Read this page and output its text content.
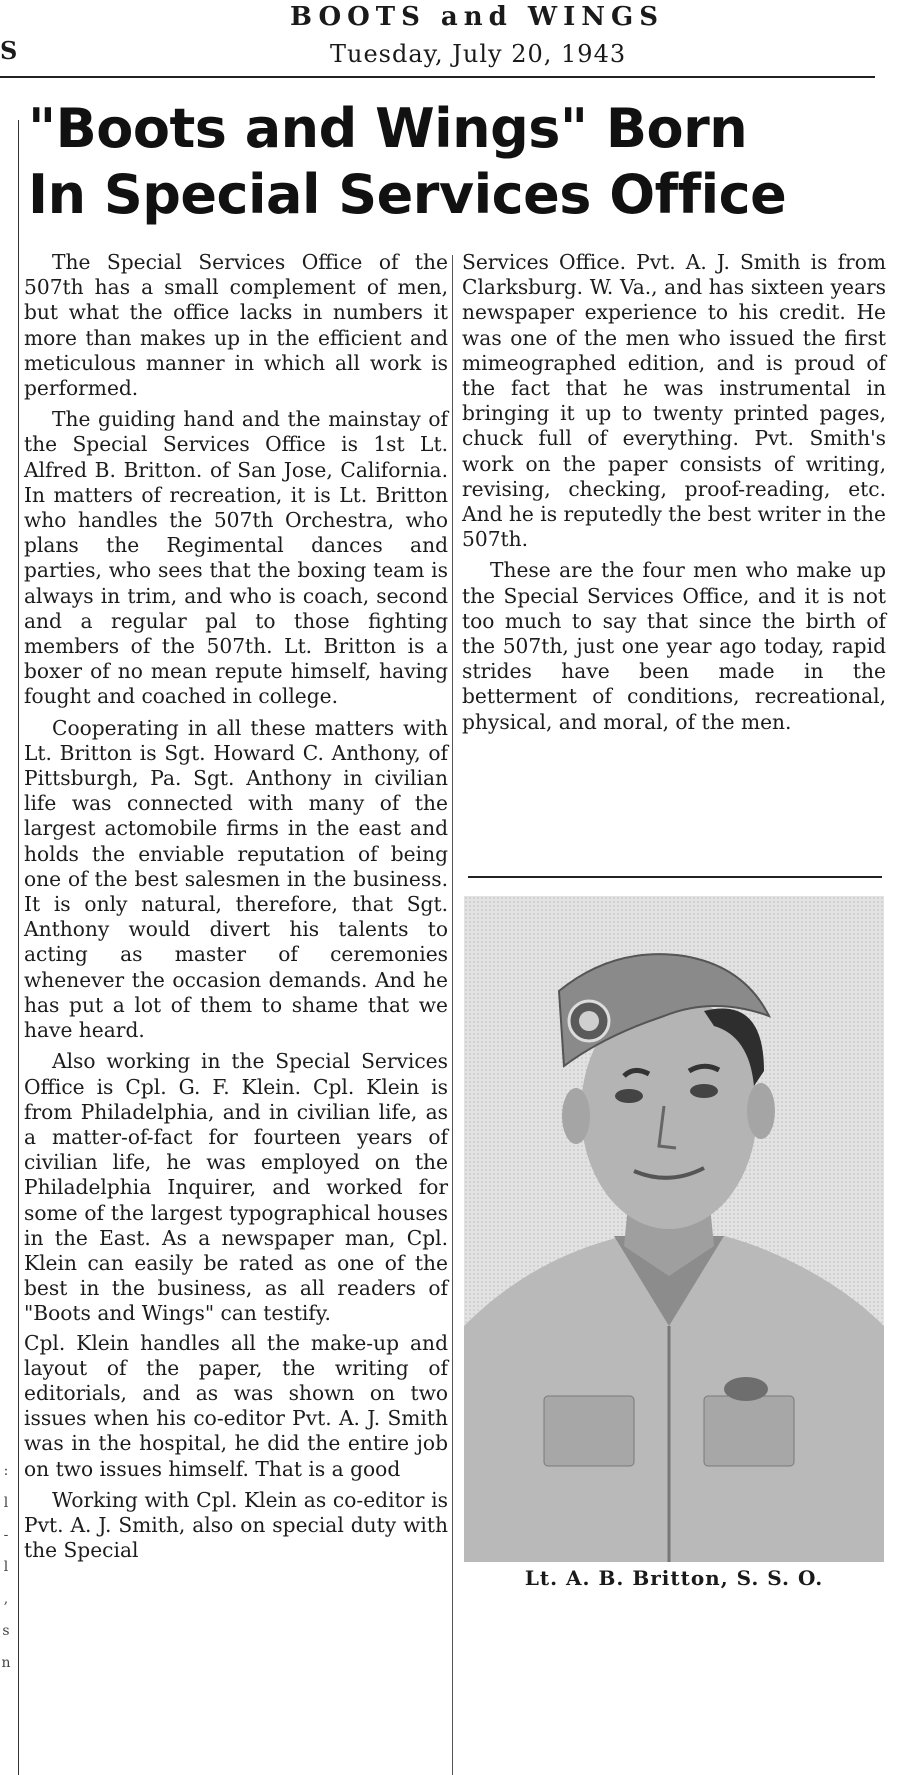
BOOTS and WINGS
Tuesday, July 20, 1943
S
"Boots and Wings" Born
In Special Services Office

The Special Services Office of the 507th has a small complement of men, but what the office lacks in numbers it more than makes up in the efficient and meticulous manner in which all work is performed.

The guiding hand and the mainstay of the Special Services Office is 1st Lt. Alfred B. Britton. of San Jose, California. In matters of recreation, it is Lt. Britton who handles the 507th Orchestra, who plans the Regimental dances and parties, who sees that the boxing team is always in trim, and who is coach, second and a regular pal to those fighting members of the 507th. Lt. Britton is a boxer of no mean repute himself, having fought and coached in college.

Cooperating in all these matters with Lt. Britton is Sgt. Howard C. Anthony, of Pittsburgh, Pa. Sgt. Anthony in civilian life was connected with many of the largest actomobile firms in the east and holds the enviable reputation of being one of the best salesmen in the business. It is only natural, therefore, that Sgt. Anthony would divert his talents to acting as master of ceremonies whenever the occasion demands. And he has put a lot of them to shame that we have heard.

Also working in the Special Services Office is Cpl. G. F. Klein. Cpl. Klein is from Philadelphia, and in civilian life, as a matter-of-fact for fourteen years of civilian life, he was employed on the Philadelphia Inquirer, and worked for some of the largest typographical houses in the East. As a newspaper man, Cpl. Klein can easily be rated as one of the best in the business, as all readers of "Boots and Wings" can testify.

Cpl. Klein handles all the make-up and layout of the paper, the writing of editorials, and as was shown on two issues when his co-editor Pvt. A. J. Smith was in the hospital, he did the entire job on two issues himself. That is a good

Working with Cpl. Klein as co-editor is Pvt. A. J. Smith, also on special duty with the Special

Services Office. Pvt. A. J. Smith is from Clarksburg. W. Va., and has sixteen years newspaper experience to his credit. He was one of the men who issued the first mimeographed edition, and is proud of the fact that he was instrumental in bringing it up to twenty printed pages, chuck full of everything. Pvt. Smith's work on the paper consists of writing, revising, checking, proof-reading, etc. And he is reputedly the best writer in the 507th.

These are the four men who make up the Special Services Office, and it is not too much to say that since the birth of the 507th, just one year ago today, rapid strides have been made in the betterment of conditions, recreational, physical, and moral, of the men.

Lt. A. B. Britton, S. S. O.
:
l
-
l
,
s
n
